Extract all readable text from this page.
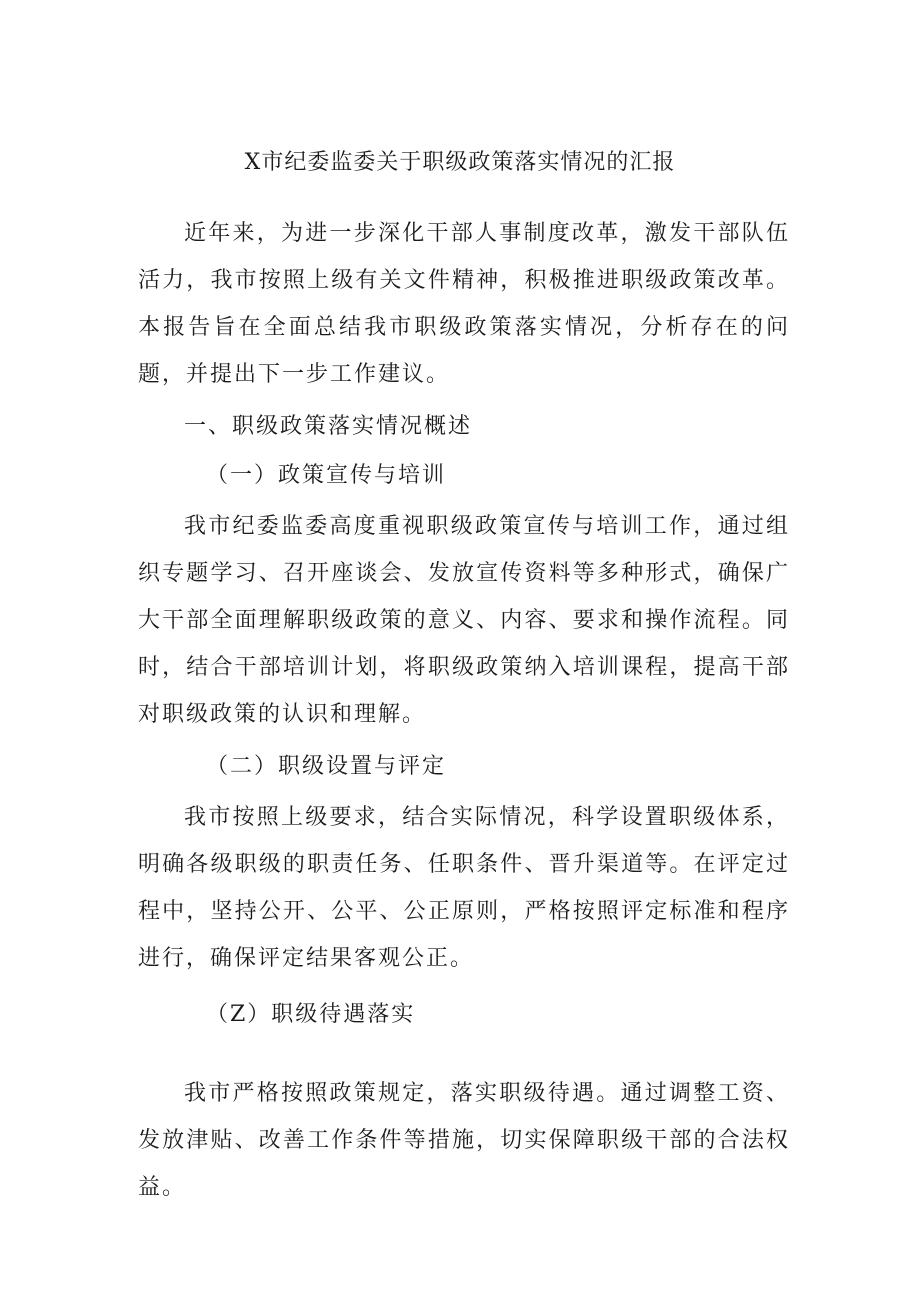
X市纪委监委关于职级政策落实情况的汇报

近年来，为进一步深化干部人事制度改革，激发干部队伍活力，我市按照上级有关文件精神，积极推进职级政策改革。本报告旨在全面总结我市职级政策落实情况，分析存在的问题，并提出下一步工作建议。

一、职级政策落实情况概述
（一）政策宣传与培训

我市纪委监委高度重视职级政策宣传与培训工作，通过组织专题学习、召开座谈会、发放宣传资料等多种形式，确保广大干部全面理解职级政策的意义、内容、要求和操作流程。同时，结合干部培训计划，将职级政策纳入培训课程，提高干部对职级政策的认识和理解。

（二）职级设置与评定

我市按照上级要求，结合实际情况，科学设置职级体系，明确各级职级的职责任务、任职条件、晋升渠道等。在评定过程中，坚持公开、公平、公正原则，严格按照评定标准和程序进行，确保评定结果客观公正。

（Z）职级待遇落实

我市严格按照政策规定，落实职级待遇。通过调整工资、发放津贴、改善工作条件等措施，切实保障职级干部的合法权益。
